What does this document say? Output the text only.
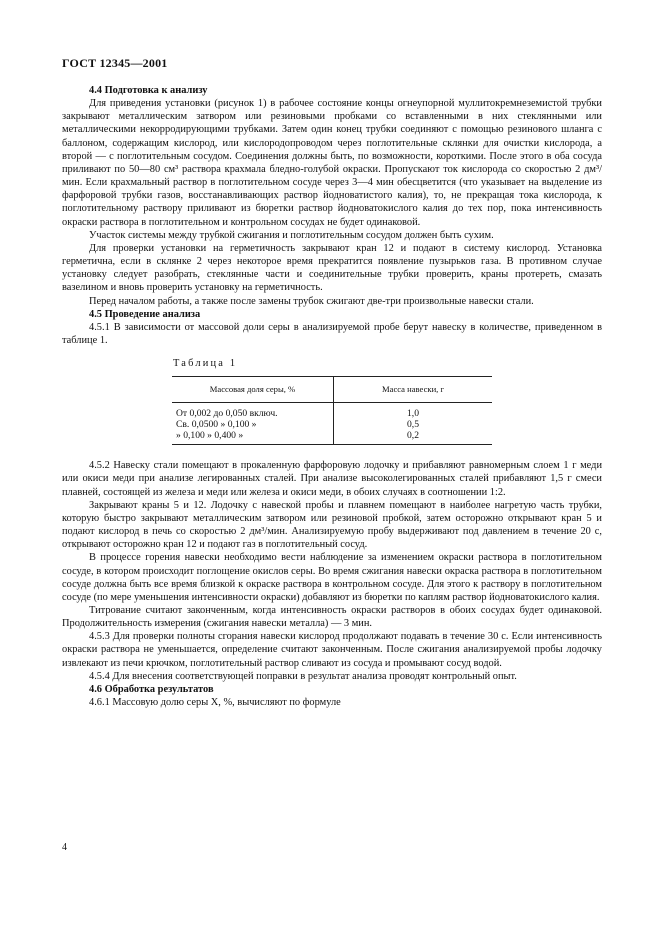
ГОСТ 12345—2001
4.4 Подготовка к анализу

Для приведения установки (рисунок 1) в рабочее состояние концы огнеупорной муллитокремнеземистой трубки закрывают металлическим затвором или резиновыми пробками со вставленными в них стеклянными или металлическими некорродирующими трубками. Затем один конец трубки соединяют с помощью резинового шланга с баллоном, содержащим кислород, или кислородопроводом через поглотительные склянки для очистки кислорода, а второй — с поглотительным сосудом. Соединения должны быть, по возможности, короткими. После этого в оба сосуда приливают по 50—80 см³ раствора крахмала бледно-голубой окраски. Пропускают ток кислорода со скоростью 2 дм³/мин. Если крахмальный раствор в поглотительном сосуде через 3—4 мин обесцветится (что указывает на выделение из фарфоровой трубки газов, восстанавливающих раствор йодноватистого калия), то, не прекращая тока кислорода, к поглотительному раствору приливают из бюретки раствор йодноватокислого калия до тех пор, пока интенсивность окраски раствора в поглотительном и контрольном сосудах не будет одинаковой.

Участок системы между трубкой сжигания и поглотительным сосудом должен быть сухим.

Для проверки установки на герметичность закрывают кран 12 и подают в систему кислород. Установка герметична, если в склянке 2 через некоторое время прекратится появление пузырьков газа. В противном случае установку следует разобрать, стеклянные части и соединительные трубки проверить, краны протереть, смазать вазелином и вновь проверить установку на герметичность.

Перед началом работы, а также после замены трубок сжигают две-три произвольные навески стали.

4.5 Проведение анализа

4.5.1 В зависимости от массовой доли серы в анализируемой пробе берут навеску в количестве, приведенном в таблице 1.

Таблица 1
Массовая доля серы, %	Масса навески, г
От 0,002 до 0,050 включ.	1,0
Св. 0,0500 » 0,100 »	0,5
» 0,100 » 0,400 »	0,2

4.5.2 Навеску стали помещают в прокаленную фарфоровую лодочку и прибавляют равномерным слоем 1 г меди или окиси меди при анализе легированных сталей. При анализе высоколегированных сталей прибавляют 1,5 г смеси плавней, состоящей из железа и меди или железа и окиси меди, в обоих случаях в соотношении 1:2.

Закрывают краны 5 и 12. Лодочку с навеской пробы и плавнем помещают в наиболее нагретую часть трубки, которую быстро закрывают металлическим затвором или резиновой пробкой, затем осторожно открывают кран 5 и подают кислород в печь со скоростью 2 дм³/мин. Анализируемую пробу выдерживают под давлением в течение 20 с, открывают осторожно кран 12 и подают газ в поглотительный сосуд.

В процессе горения навески необходимо вести наблюдение за изменением окраски раствора в поглотительном сосуде, в котором происходит поглощение окислов серы. Во время сжигания навески окраска раствора в поглотительном сосуде должна быть все время близкой к окраске раствора в контрольном сосуде. Для этого к раствору в поглотительном сосуде (по мере уменьшения интенсивности окраски) добавляют из бюретки по каплям раствор йодноватокислого калия.

Титрование считают законченным, когда интенсивность окраски растворов в обоих сосудах будет одинаковой. Продолжительность измерения (сжигания навески металла) — 3 мин.

4.5.3 Для проверки полноты сгорания навески кислород продолжают подавать в течение 30 с. Если интенсивность окраски раствора не уменьшается, определение считают законченным. После сжигания анализируемой пробы лодочку извлекают из печи крючком, поглотительный раствор сливают из сосуда и промывают сосуд водой.

4.5.4 Для внесения соответствующей поправки в результат анализа проводят контрольный опыт.

4.6 Обработка результатов

4.6.1 Массовую долю серы X, %, вычисляют по формуле

4
